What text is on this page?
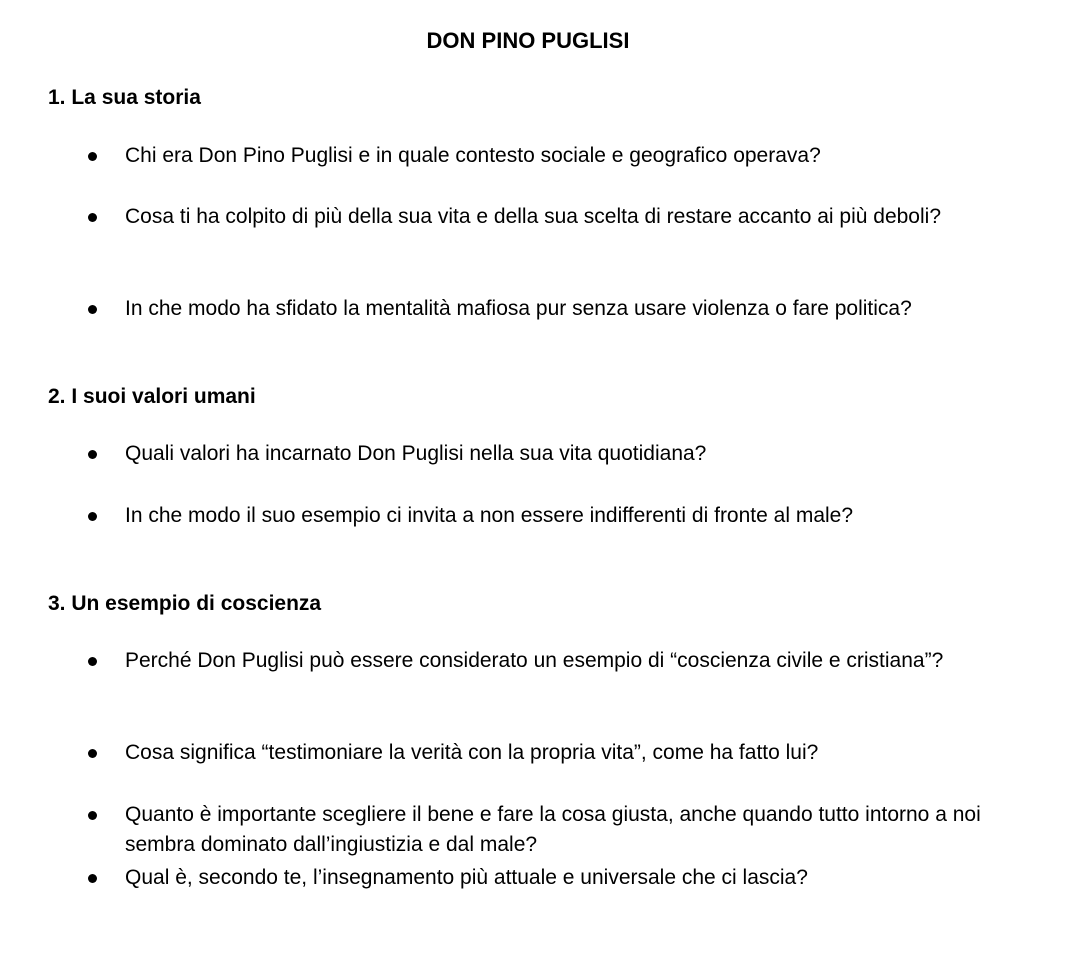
DON PINO PUGLISI
1. La sua storia
Chi era Don Pino Puglisi e in quale contesto sociale e geografico operava?
Cosa ti ha colpito di più della sua vita e della sua scelta di restare accanto ai più deboli?
In che modo ha sfidato la mentalità mafiosa pur senza usare violenza o fare politica?
2. I suoi valori umani
Quali valori ha incarnato Don Puglisi nella sua vita quotidiana?
In che modo il suo esempio ci invita a non essere indifferenti di fronte al male?
3. Un esempio di coscienza
Perché Don Puglisi può essere considerato un esempio di “coscienza civile e cristiana”?
Cosa significa “testimoniare la verità con la propria vita”, come ha fatto lui?
Quanto è importante scegliere il bene e fare la cosa giusta, anche quando tutto intorno a noi sembra dominato dall’ingiustizia e dal male?
Qual è, secondo te, l’insegnamento più attuale e universale che ci lascia?
